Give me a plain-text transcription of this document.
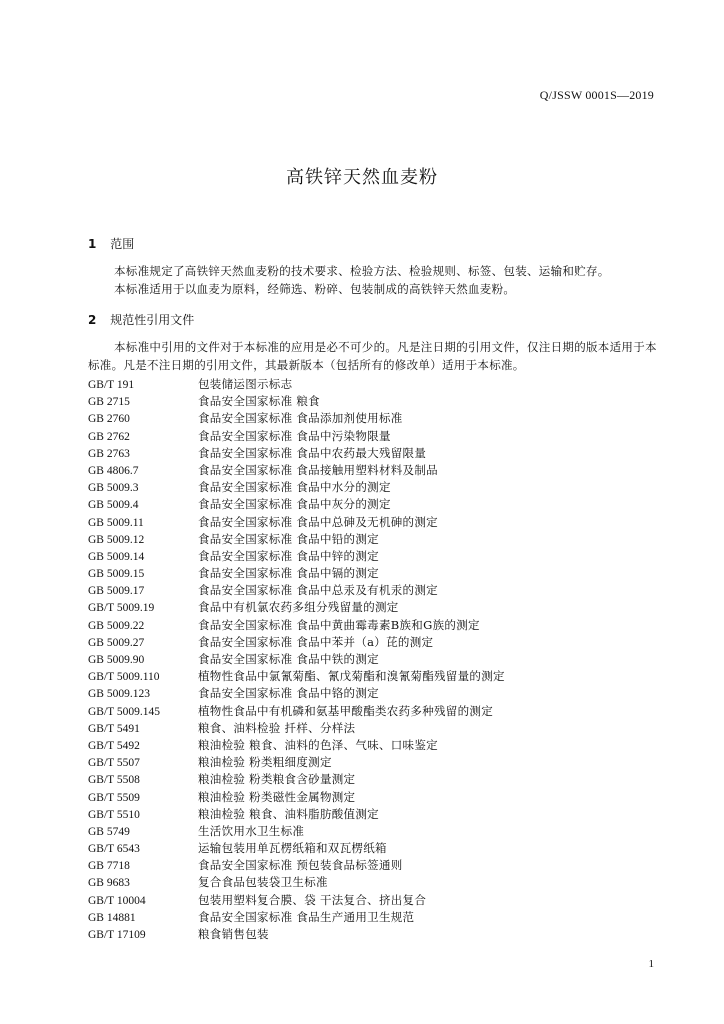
Q/JSSW 0001S—2019
高铁锌天然血麦粉
1 范围
本标准规定了高铁锌天然血麦粉的技术要求、检验方法、检验规则、标签、包装、运输和贮存。
本标准适用于以血麦为原料，经筛选、粉碎、包装制成的高铁锌天然血麦粉。
2 规范性引用文件
本标准中引用的文件对于本标准的应用是必不可少的。凡是注日期的引用文件，仅注日期的版本适用于本标准。凡是不注日期的引用文件，其最新版本（包括所有的修改单）适用于本标准。
GB/T 191	包装储运图示标志
GB 2715	食品安全国家标准 粮食
GB 2760	食品安全国家标准 食品添加剂使用标准
GB 2762	食品安全国家标准 食品中污染物限量
GB 2763	食品安全国家标准 食品中农药最大残留限量
GB 4806.7	食品安全国家标准 食品接触用塑料材料及制品
GB 5009.3	食品安全国家标准 食品中水分的测定
GB 5009.4	食品安全国家标准 食品中灰分的测定
GB 5009.11	食品安全国家标准 食品中总砷及无机砷的测定
GB 5009.12	食品安全国家标准 食品中铅的测定
GB 5009.14	食品安全国家标准 食品中锌的测定
GB 5009.15	食品安全国家标准 食品中镉的测定
GB 5009.17	食品安全国家标准 食品中总汞及有机汞的测定
GB/T 5009.19	食品中有机氯农药多组分残留量的测定
GB 5009.22	食品安全国家标准 食品中黄曲霉毒素B族和G族的测定
GB 5009.27	食品安全国家标准 食品中苯并（a）芘的测定
GB 5009.90	食品安全国家标准 食品中铁的测定
GB/T 5009.110	植物性食品中氯氰菊酯、氰戊菊酯和溴氰菊酯残留量的测定
GB 5009.123	食品安全国家标准 食品中铬的测定
GB/T 5009.145	植物性食品中有机磷和氨基甲酸酯类农药多种残留的测定
GB/T 5491	粮食、油料检验 扦样、分样法
GB/T 5492	粮油检验 粮食、油料的色泽、气味、口味鉴定
GB/T 5507	粮油检验 粉类粗细度测定
GB/T 5508	粮油检验 粉类粮食含砂量测定
GB/T 5509	粮油检验 粉类磁性金属物测定
GB/T 5510	粮油检验 粮食、油料脂肪酸值测定
GB 5749	生活饮用水卫生标准
GB/T 6543	运输包装用单瓦楞纸箱和双瓦楞纸箱
GB 7718	食品安全国家标准 预包装食品标签通则
GB 9683	复合食品包装袋卫生标准
GB/T 10004	包装用塑料复合膜、袋 干法复合、挤出复合
GB 14881	食品安全国家标准 食品生产通用卫生规范
GB/T 17109	粮食销售包装
1
